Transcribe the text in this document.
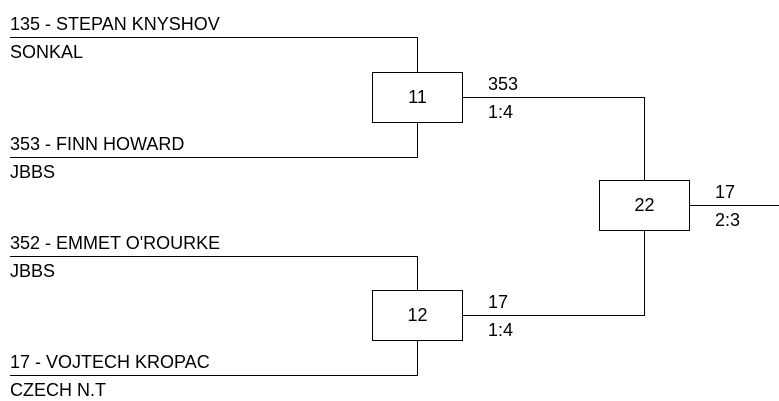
135 - STEPAN KNYSHOV
SONKAL
353 - FINN HOWARD
JBBS
352 - EMMET O'ROURKE
JBBS
17 - VOJTECH KROPAC
CZECH N.T
11
353
1:4
12
17
1:4
22
17
2:3
